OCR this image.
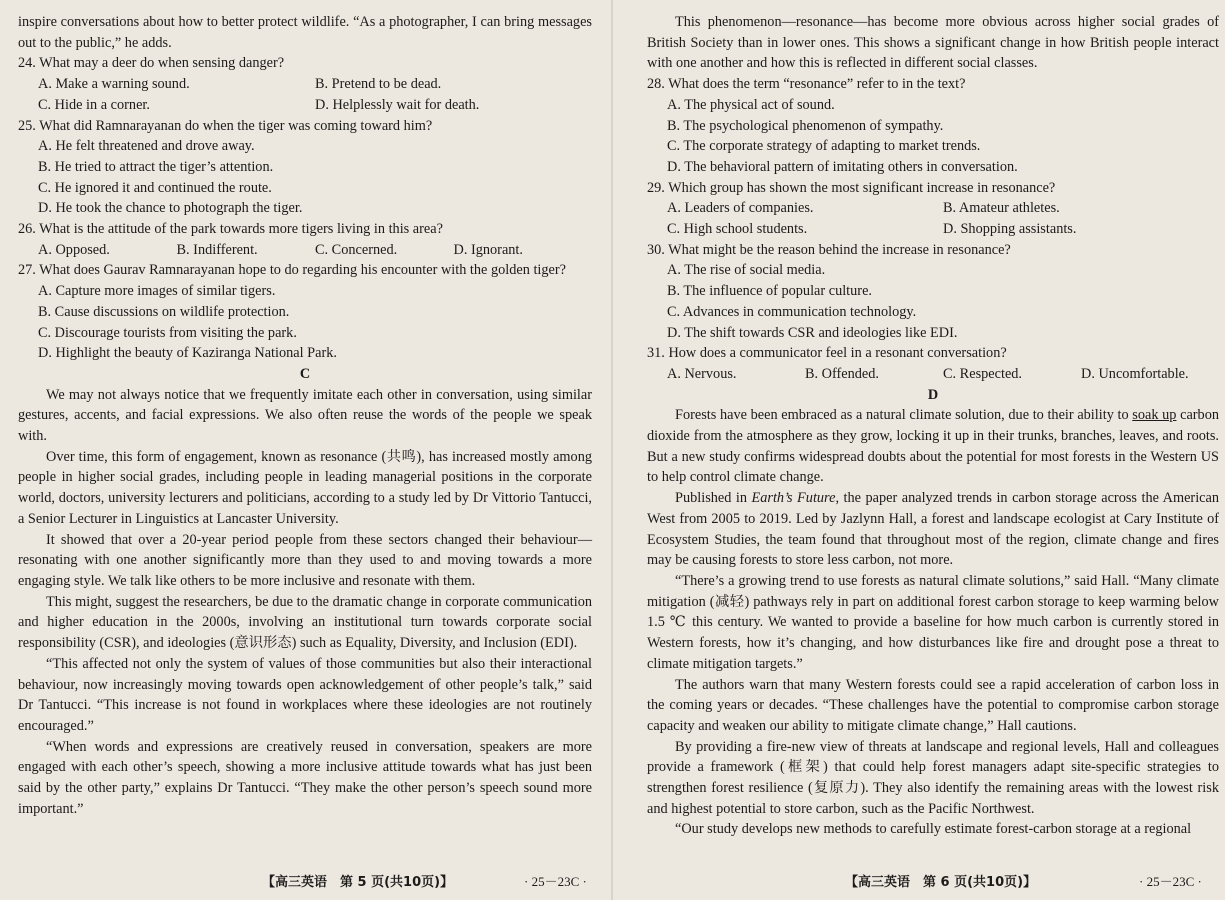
inspire conversations about how to better protect wildlife. “As a photographer, I can bring messages out to the public,” he adds.

24. What may a deer do when sensing danger?

A. Make a warning sound.	B. Pretend to be dead.
C. Hide in a corner.	D. Helplessly wait for death.

25. What did Ramnarayanan do when the tiger was coming toward him?

A. He felt threatened and drove away.
B. He tried to attract the tiger’s attention.
C. He ignored it and continued the route.
D. He took the chance to photograph the tiger.

26. What is the attitude of the park towards more tigers living in this area?

A. Opposed.	B. Indifferent.	C. Concerned.	D. Ignorant.

27. What does Gaurav Ramnarayanan hope to do regarding his encounter with the golden tiger?

A. Capture more images of similar tigers.
B. Cause discussions on wildlife protection.
C. Discourage tourists from visiting the park.
D. Highlight the beauty of Kaziranga National Park.
C

We may not always notice that we frequently imitate each other in conversation, using similar gestures, accents, and facial expressions. We also often reuse the words of the people we speak with.

Over time, this form of engagement, known as resonance (共鸣), has increased mostly among people in higher social grades, including people in leading managerial positions in the corporate world, doctors, university lecturers and politicians, according to a study led by Dr Vittorio Tantucci, a Senior Lecturer in Linguistics at Lancaster University.

It showed that over a 20-year period people from these sectors changed their behaviour—resonating with one another significantly more than they used to and moving towards a more engaging style. We talk like others to be more inclusive and resonate with them.

This might, suggest the researchers, be due to the dramatic change in corporate communication and higher education in the 2000s, involving an institutional turn towards corporate social responsibility (CSR), and ideologies (意识形态) such as Equality, Diversity, and Inclusion (EDI).

“This affected not only the system of values of those communities but also their interactional behaviour, now increasingly moving towards open acknowledgement of other people’s talk,” said Dr Tantucci. “This increase is not found in workplaces where these ideologies are not routinely encouraged.”

“When words and expressions are creatively reused in conversation, speakers are more engaged with each other’s speech, showing a more inclusive attitude towards what has just been said by the other party,” explains Dr Tantucci. “They make the other person’s speech sound more important.”

【高三英语　第 5 页(共10页)】	· 25－23C ·

This phenomenon—resonance—has become more obvious across higher social grades of British Society than in lower ones. This shows a significant change in how British people interact with one another and how this is reflected in different social classes.

28. What does the term “resonance” refer to in the text?

A. The physical act of sound.
B. The psychological phenomenon of sympathy.
C. The corporate strategy of adapting to market trends.
D. The behavioral pattern of imitating others in conversation.

29. Which group has shown the most significant increase in resonance?

A. Leaders of companies.	B. Amateur athletes.
C. High school students.	D. Shopping assistants.

30. What might be the reason behind the increase in resonance?

A. The rise of social media.
B. The influence of popular culture.
C. Advances in communication technology.
D. The shift towards CSR and ideologies like EDI.

31. How does a communicator feel in a resonant conversation?

A. Nervous.	B. Offended.	C. Respected.	D. Uncomfortable.
D

Forests have been embraced as a natural climate solution, due to their ability to soak up carbon dioxide from the atmosphere as they grow, locking it up in their trunks, branches, leaves, and roots. But a new study confirms widespread doubts about the potential for most forests in the Western US to help control climate change.

Published in Earth’s Future, the paper analyzed trends in carbon storage across the American West from 2005 to 2019. Led by Jazlynn Hall, a forest and landscape ecologist at Cary Institute of Ecosystem Studies, the team found that throughout most of the region, climate change and fires may be causing forests to store less carbon, not more.

“There’s a growing trend to use forests as natural climate solutions,” said Hall. “Many climate mitigation (减轻) pathways rely in part on additional forest carbon storage to keep warming below 1.5 ℃ this century. We wanted to provide a baseline for how much carbon is currently stored in Western forests, how it’s changing, and how disturbances like fire and drought pose a threat to climate mitigation targets.”

The authors warn that many Western forests could see a rapid acceleration of carbon loss in the coming years or decades. “These challenges have the potential to compromise carbon storage capacity and weaken our ability to mitigate climate change,” Hall cautions.

By providing a fire-new view of threats at landscape and regional levels, Hall and colleagues provide a framework (框架) that could help forest managers adapt site-specific strategies to strengthen forest resilience (复原力). They also identify the remaining areas with the lowest risk and highest potential to store carbon, such as the Pacific Northwest.

“Our study develops new methods to carefully estimate forest-carbon storage at a regional

【高三英语　第 6 页(共10页)】	· 25－23C ·
